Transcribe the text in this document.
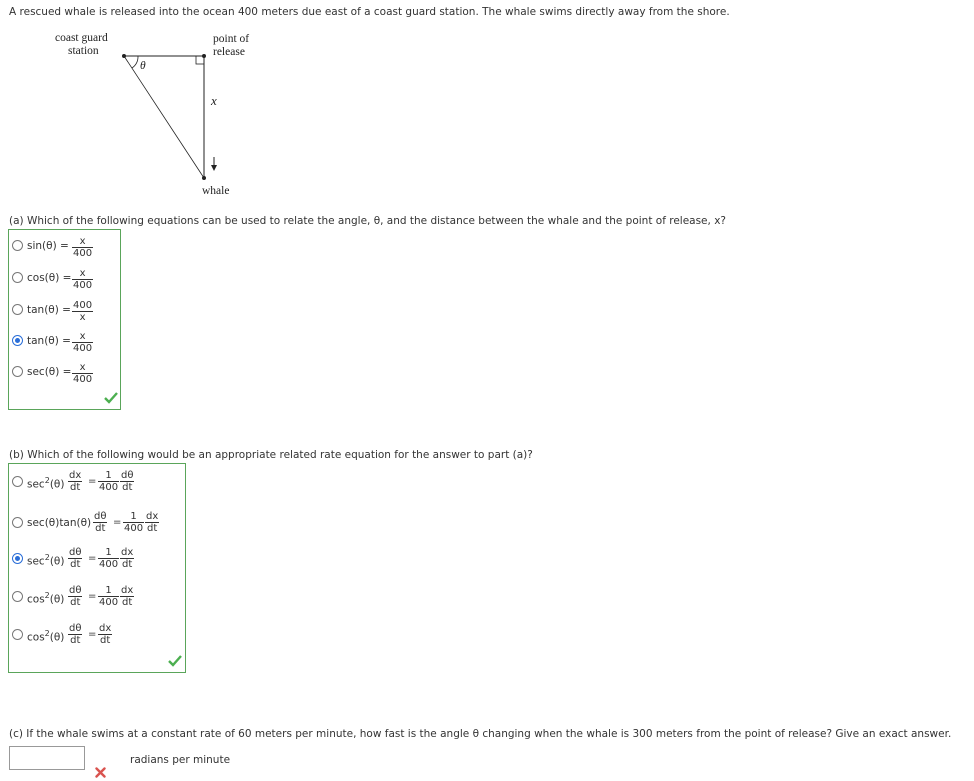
A rescued whale is released into the ocean 400 meters due east of a coast guard station. The whale swims directly away from the shore.
coast guard
station
point of
release
θ
x
whale
(a) Which of the following equations can be used to relate the angle, θ, and the distance between the whale and the point of release, x?
$\sin(\theta) = \frac{x}{400}$
$\cos(\theta) = \frac{x}{400}$
$\tan(\theta) = \frac{400}{x}$
$\tan(\theta) = \frac{x}{400}$
$\sec(\theta) = \frac{x}{400}$
(b) Which of the following would be an appropriate related rate equation for the answer to part (a)?
$\sec^2(\theta) \frac{dx}{dt} = \frac{1}{400} \frac{d\theta}{dt}$
$\sec(\theta)\tan(\theta) \frac{d\theta}{dt} = \frac{1}{400} \frac{dx}{dt}$
$\sec^2(\theta) \frac{d\theta}{dt} = \frac{1}{400} \frac{dx}{dt}$
$\cos^2(\theta) \frac{d\theta}{dt} = \frac{1}{400} \frac{dx}{dt}$
$\cos^2(\theta) \frac{d\theta}{dt} = \frac{dx}{dt}$
(c) If the whale swims at a constant rate of 60 meters per minute, how fast is the angle θ changing when the whale is 300 meters from the point of release? Give an exact answer.
radians per minute
